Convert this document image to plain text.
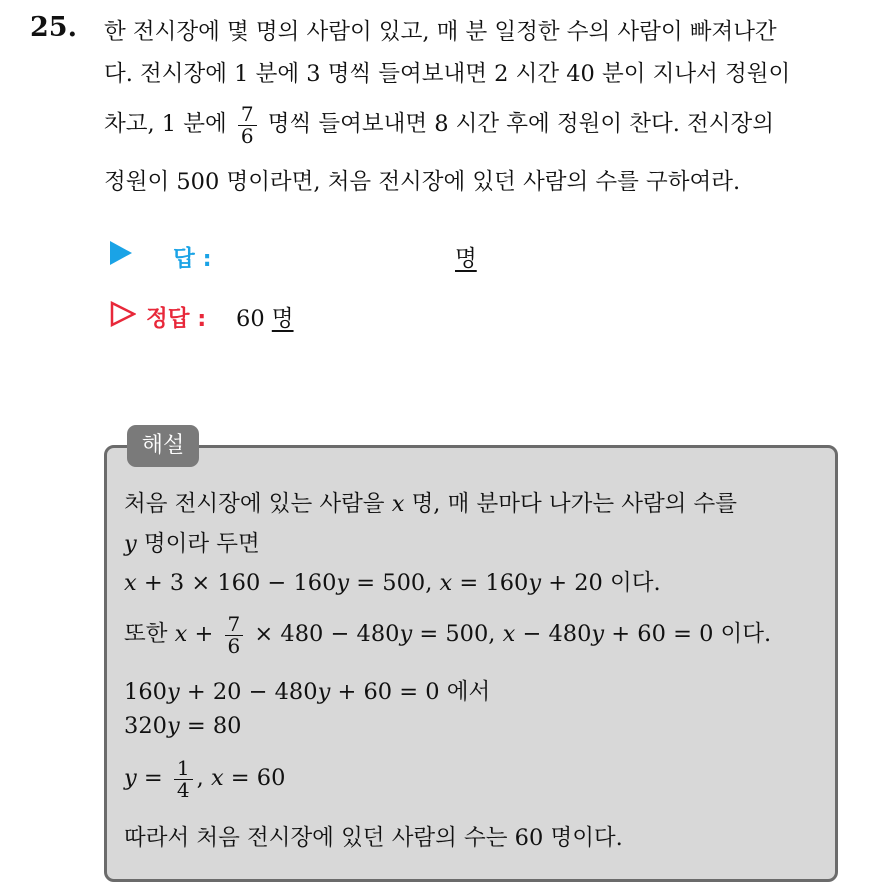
25. 한 전시장에 몇 명의 사람이 있고, 매 분 일정한 수의 사람이 빠져나간
다. 전시장에 1 분에 3 명씩 들여보내면 2 시간 40 분이 지나서 정원이
차고, 1 분에 $\frac{7}{6}$ 명씩 들여보내면 8 시간 후에 정원이 찬다. 전시장의
정원이 500 명이라면, 처음 전시장에 있던 사람의 수를 구하여라.
답 :	명
정답 : 60 명
해설
처음 전시장에 있는 사람을 x 명, 매 분마다 나가는 사람의 수를
y 명이라 두면
x + 3 × 160 − 160y = 500, x = 160y + 20 이다.
또한 $x + \frac{7}{6} \times 480 - 480y = 500$, x − 480y + 60 = 0 이다.
160y + 20 − 480y + 60 = 0 에서
320y = 80
$y = \frac{1}{4}$ , x = 60
따라서 처음 전시장에 있던 사람의 수는 60 명이다.
